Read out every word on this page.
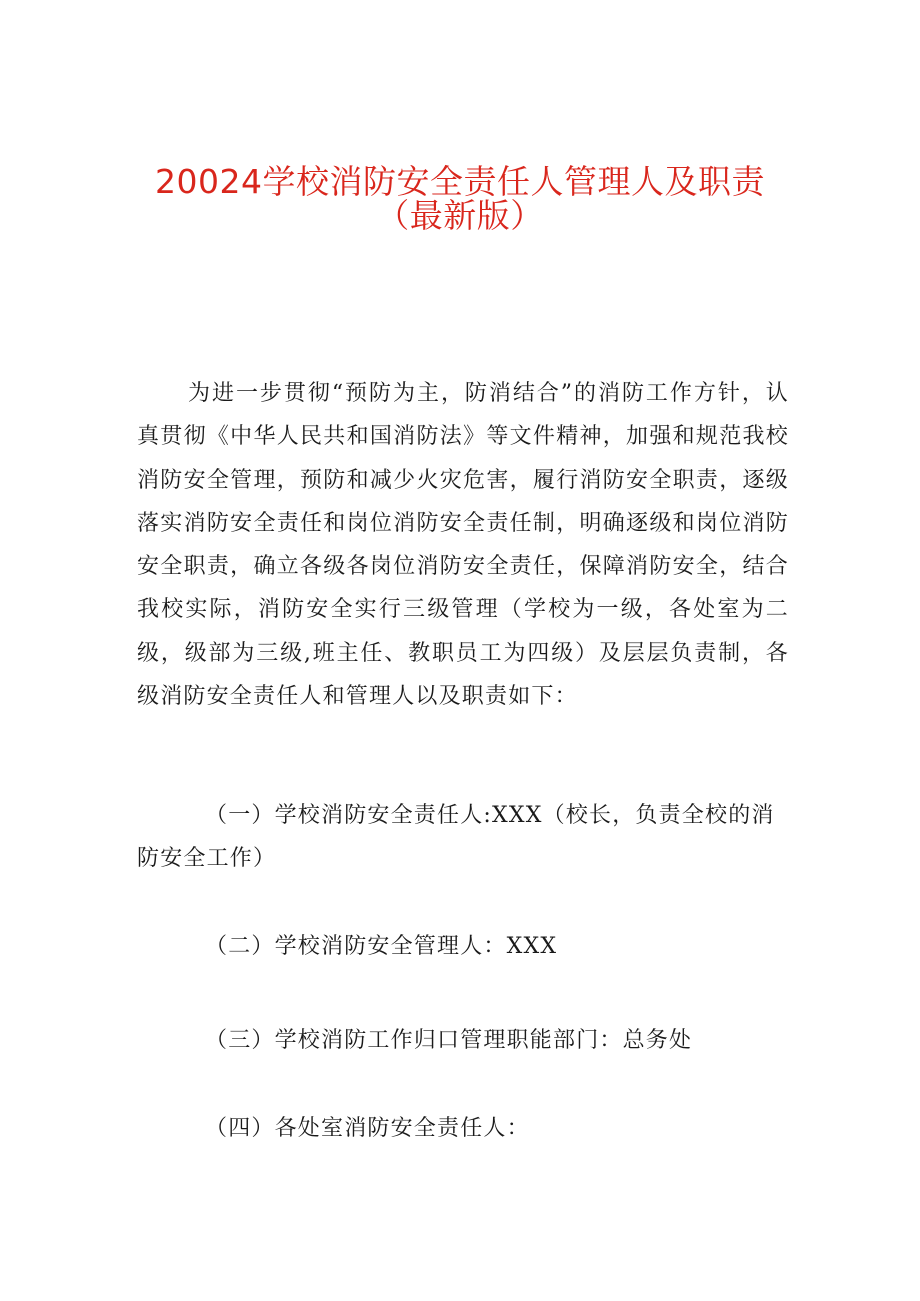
20024学校消防安全责任人管理人及职责
（最新版）
为进一步贯彻“预防为主，防消结合”的消防工作方针，认真贯彻《中华人民共和国消防法》等文件精神，加强和规范我校消防安全管理，预防和减少火灾危害，履行消防安全职责，逐级落实消防安全责任和岗位消防安全责任制，明确逐级和岗位消防安全职责，确立各级各岗位消防安全责任，保障消防安全，结合我校实际，消防安全实行三级管理（学校为一级，各处室为二级，级部为三级,班主任、教职员工为四级）及层层负责制，各级消防安全责任人和管理人以及职责如下：
（一）学校消防安全责任人:XXX（校长，负责全校的消防安全工作）
（二）学校消防安全管理人：XXX
（三）学校消防工作归口管理职能部门：总务处
（四）各处室消防安全责任人：
